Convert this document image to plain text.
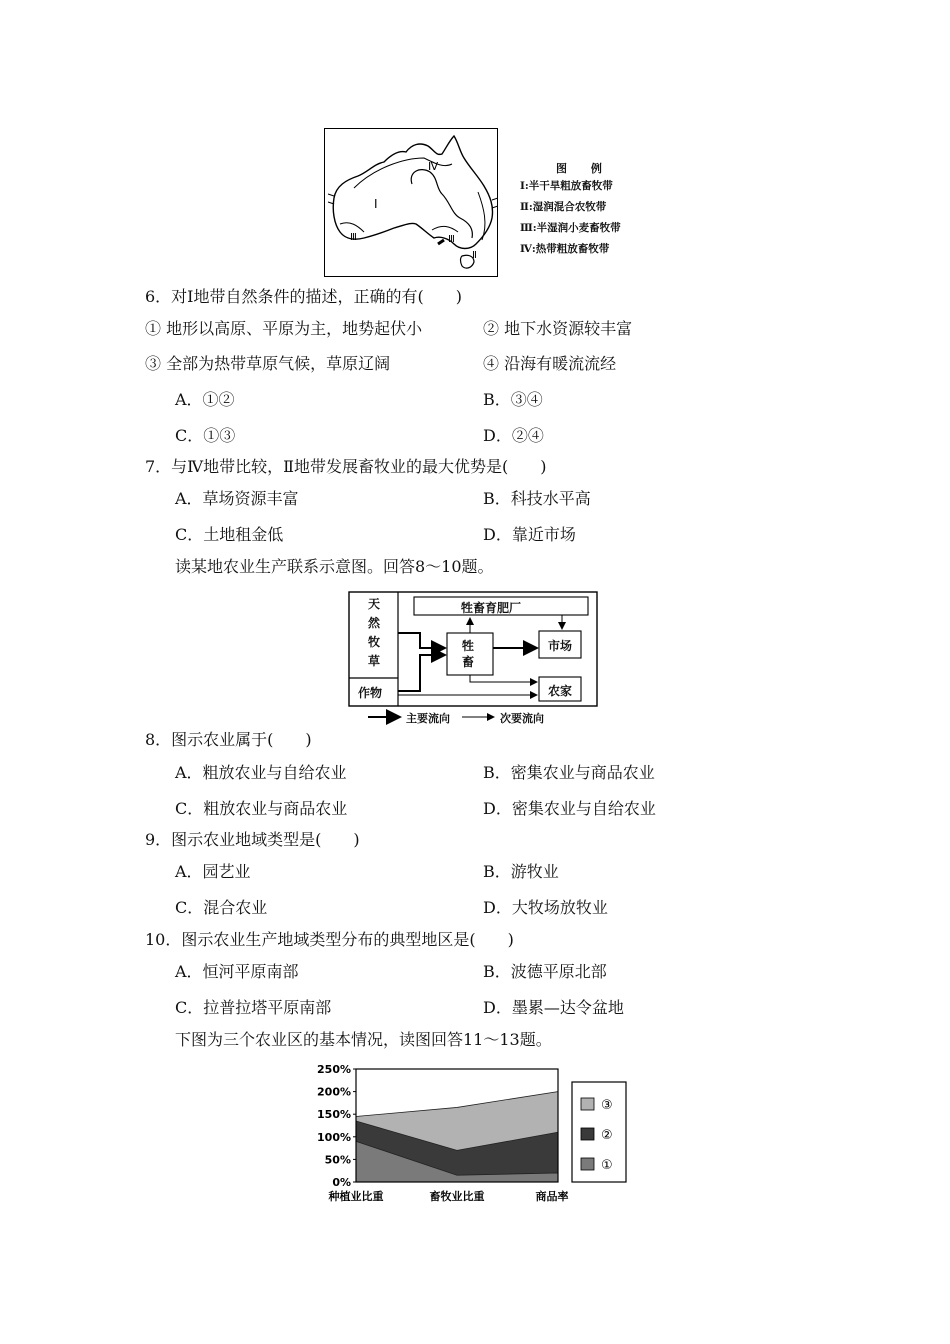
Ⅰ
Ⅳ
Ⅲ	Ⅲ
Ⅱ
图 例
Ⅰ:半干旱粗放畜牧带
Ⅱ:湿润混合农牧带
Ⅲ:半湿润小麦畜牧带
Ⅳ:热带粗放畜牧带
6．对Ⅰ地带自然条件的描述，正确的有(　　)
① 地形以高原、平原为主，地势起伏小	② 地下水资源较丰富
③ 全部为热带草原气候，草原辽阔	④ 沿海有暖流流经
A．①②	B．③④
C．①③	D．②④
7．与Ⅳ地带比较，Ⅱ地带发展畜牧业的最大优势是(　　)
A．草场资源丰富	B．科技水平高
C．土地租金低	D．靠近市场
读某地农业生产联系示意图。回答8～10题。
天
然
牧
草
作物
牲畜育肥厂
牲
畜
市场
农家
主要流向	次要流向
8．图示农业属于(　　)
A．粗放农业与自给农业	B．密集农业与商品农业
C．粗放农业与商品农业	D．密集农业与自给农业
9．图示农业地域类型是(　　)
A．园艺业	B．游牧业
C．混合农业	D．大牧场放牧业
10．图示农业生产地域类型分布的典型地区是(　　)
A．恒河平原南部	B．波德平原北部
C．拉普拉塔平原南部	D．墨累—达令盆地
下图为三个农业区的基本情况，读图回答11～13题。
250%
200%
150%
100%
50%
0%
种植业比重	畜牧业比重	商品率
③
②
①
